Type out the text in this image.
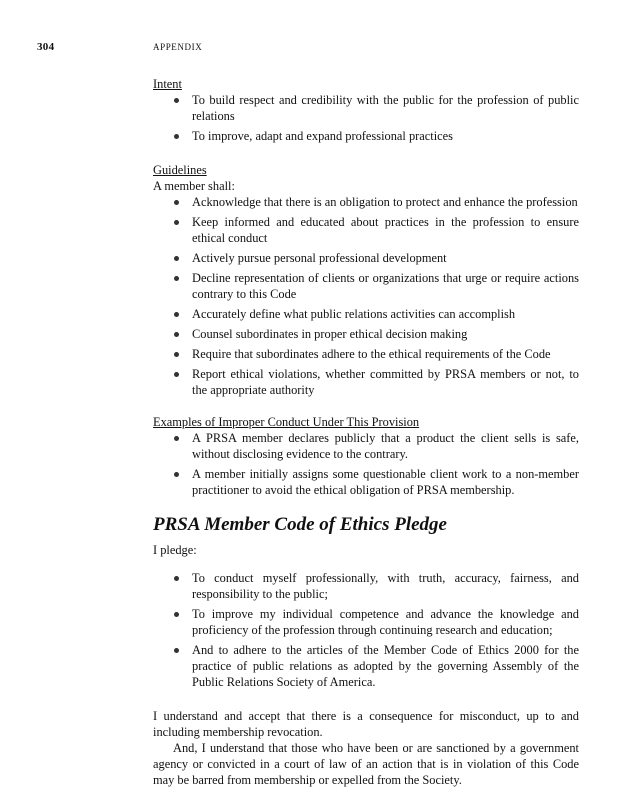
304	APPENDIX

Intent

To build respect and credibility with the public for the profession of public relations
To improve, adapt and expand professional practices

Guidelines

A member shall:

Acknowledge that there is an obligation to protect and enhance the profession
Keep informed and educated about practices in the profession to ensure ethical conduct
Actively pursue personal professional development
Decline representation of clients or organizations that urge or require actions contrary to this Code
Accurately define what public relations activities can accomplish
Counsel subordinates in proper ethical decision making
Require that subordinates adhere to the ethical requirements of the Code
Report ethical violations, whether committed by PRSA members or not, to the appropriate authority

Examples of Improper Conduct Under This Provision

A PRSA member declares publicly that a product the client sells is safe, without disclosing evidence to the contrary.
A member initially assigns some questionable client work to a non-member practitioner to avoid the ethical obligation of PRSA membership.
PRSA Member Code of Ethics Pledge

I pledge:

To conduct myself professionally, with truth, accuracy, fairness, and responsibility to the public;
To improve my individual competence and advance the knowledge and proficiency of the profession through continuing research and education;
And to adhere to the articles of the Member Code of Ethics 2000 for the practice of public relations as adopted by the governing Assembly of the Public Relations Society of America.

I understand and accept that there is a consequence for misconduct, up to and including membership revocation.

And, I understand that those who have been or are sanctioned by a government agency or convicted in a court of law of an action that is in violation of this Code may be barred from membership or expelled from the Society.
